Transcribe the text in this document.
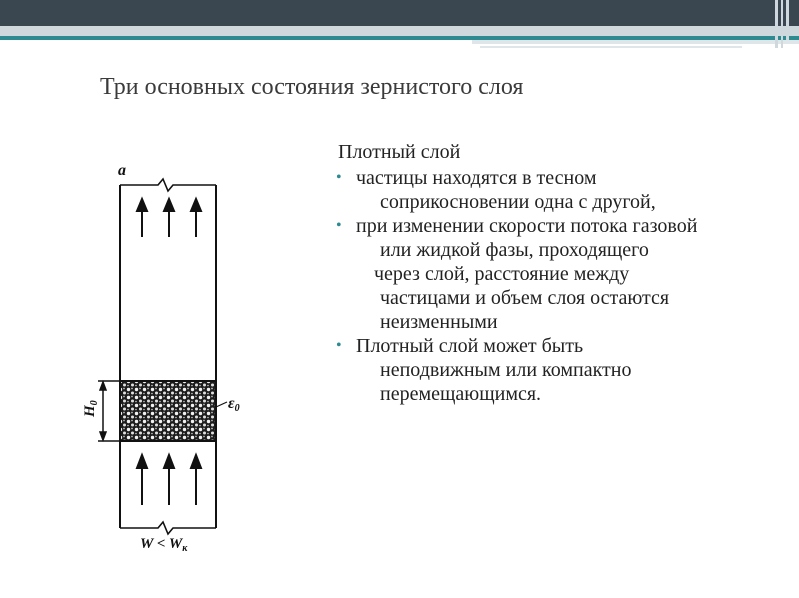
Три основных состояния зернистого слоя
a
$H_0$	ε0
$W < W_к$
Плотный слой
• частицы находятся в тесном
соприкосновении одна с другой,
• при изменении скорости потока газовой
или жидкой фазы, проходящего
через слой, расстояние между
частицами и объем слоя остаются
неизменными
• Плотный слой может быть
неподвижным или компактно
перемещающимся.
